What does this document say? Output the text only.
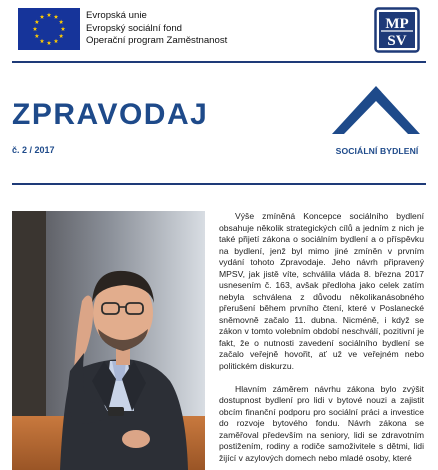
Evropská unie
Evropský sociální fond
Operační program Zaměstnanost
MP
SV
ZPRAVODAJ
č. 2 / 2017	SOCIÁLNÍ BYDLENÍ

Výše zmíněná Koncepce sociálního bydlení obsahuje několik strategických cílů a jedním z nich je také přijetí zákona o sociálním bydlení a o příspěvku na bydlení, jenž byl mimo jiné zmíněn v prvním vydání tohoto Zpravodaje. Jeho návrh připravený MPSV, jak jistě víte, schválila vláda 8. března 2017 usnesením č. 163, avšak předloha jako celek zatím nebyla schválena z důvodu několikanásobného přerušení během prvního čtení, které v Poslanecké sněmovně začalo 11. dubna. Nicméně, i když se zákon v tomto volebním období neschválí, pozitivní je fakt, že o nutnosti zavedení sociálního bydlení se začalo veřejně hovořit, ať už ve veřejném nebo politickém diskurzu.

Hlavním záměrem návrhu zákona bylo zvýšit dostupnost bydlení pro lidi v bytové nouzi a zajistit obcím finanční podporu pro sociální práci a investice do rozvoje bytového fondu. Návrh zákona se zaměřoval především na seniory, lidi se zdravotním postižením, rodiny a rodiče samoživitele s dětmi, lidi žijící v azylových domech nebo mladé osoby, které
